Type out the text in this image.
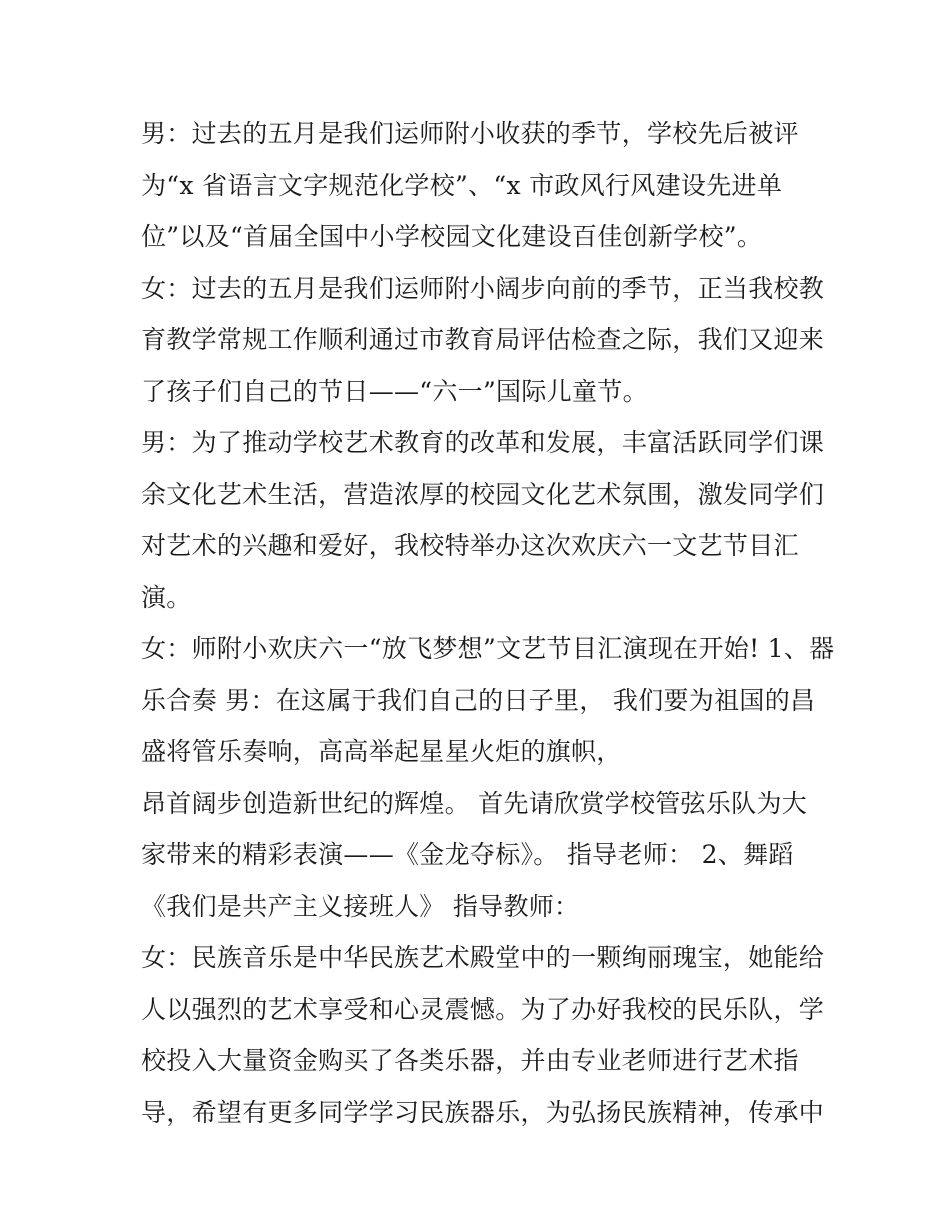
男：过去的五月是我们运师附小收获的季节，学校先后被评
为“x 省语言文字规范化学校”、“x 市政风行风建设先进单
位”以及“首届全国中小学校园文化建设百佳创新学校”。
女：过去的五月是我们运师附小阔步向前的季节，正当我校教
育教学常规工作顺利通过市教育局评估检查之际，我们又迎来
了孩子们自己的节日——“六一”国际儿童节。
男：为了推动学校艺术教育的改革和发展，丰富活跃同学们课
余文化艺术生活，营造浓厚的校园文化艺术氛围，激发同学们
对艺术的兴趣和爱好，我校特举办这次欢庆六一文艺节目汇
演。
女：师附小欢庆六一“放飞梦想”文艺节目汇演现在开始! 1、器
乐合奏 男：在这属于我们自己的日子里， 我们要为祖国的昌
盛将管乐奏响，高高举起星星火炬的旗帜，
昂首阔步创造新世纪的辉煌。 首先请欣赏学校管弦乐队为大
家带来的精彩表演——《金龙夺标》。 指导老师： 2、舞蹈
《我们是共产主义接班人》 指导教师：
女：民族音乐是中华民族艺术殿堂中的一颗绚丽瑰宝，她能给
人以强烈的艺术享受和心灵震憾。为了办好我校的民乐队，学
校投入大量资金购买了各类乐器，并由专业老师进行艺术指
导，希望有更多同学学习民族器乐，为弘扬民族精神，传承中
